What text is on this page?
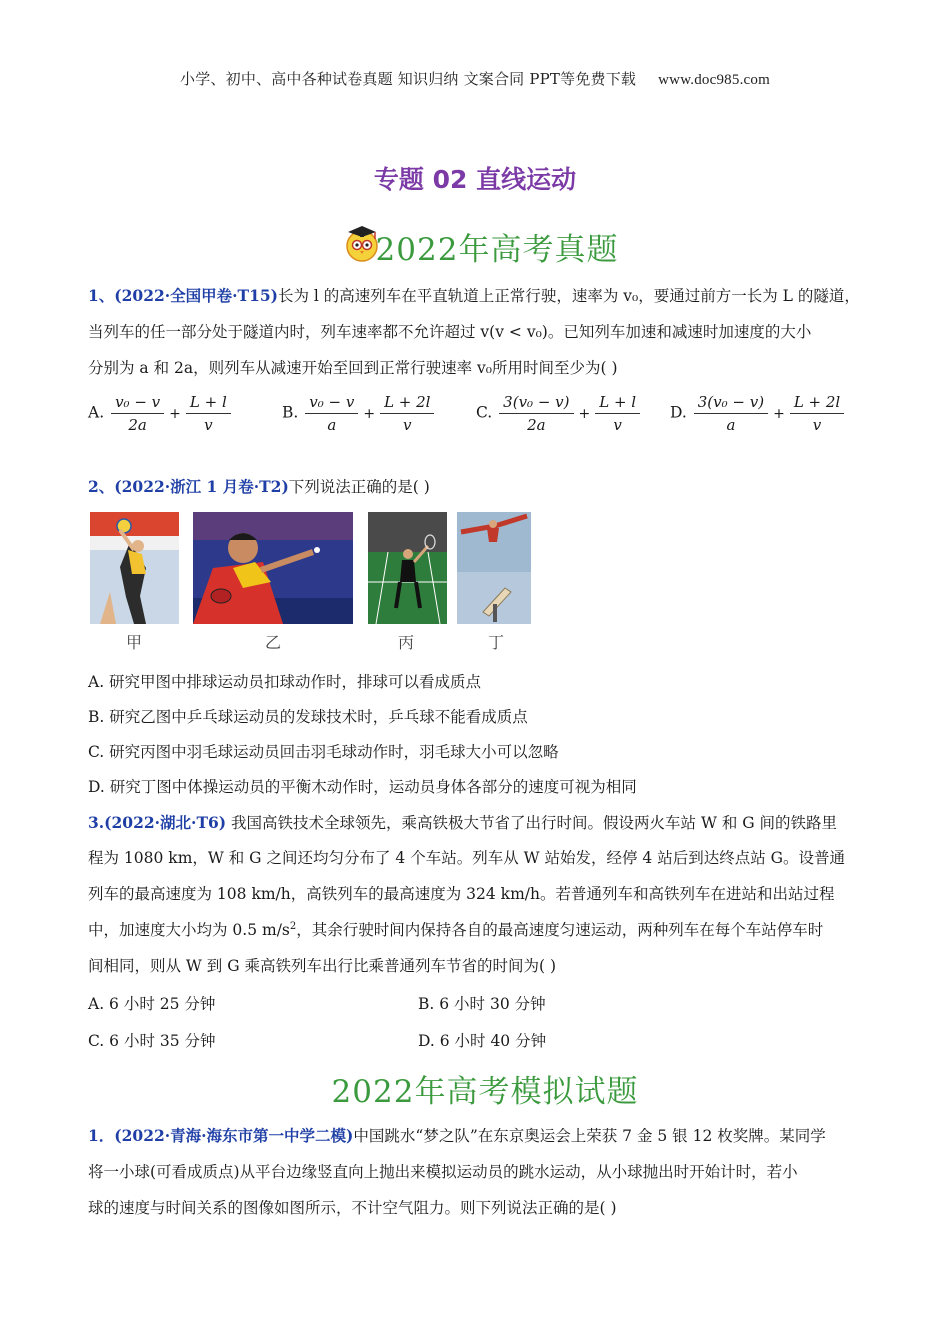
小学、初中、高中各种试卷真题 知识归纳 文案合同 PPT等免费下载 www.doc985.com
专题 02 直线运动
2022年高考真题
1、(2022·全国甲卷·T15)长为 l 的高速列车在平直轨道上正常行驶，速率为 v₀，要通过前方一长为 L 的隧道，
当列车的任一部分处于隧道内时，列车速率都不允许超过 v(v < v₀)。已知列车加速和减速时加速度的大小
分别为 a 和 2a，则列车从减速开始至回到正常行驶速率 v₀所用时间至少为( )
A. $\frac{\text{v₀ − v}}{2a} + \frac{L + l}{v}$	B. $\frac{\text{v₀ − v}}{a} + \frac{L + 2l}{v}$	C. $\frac{\text{3(v₀ − v)}}{2a} + \frac{L + l}{v} D$. $\frac{\text{3(v₀ − v)}}{a} + \frac{L + 2l}{v}$
2、(2022·浙江 1 月卷·T2)下列说法正确的是( )
甲	乙	丙	丁
A. 研究甲图中排球运动员扣球动作时，排球可以看成质点
B. 研究乙图中乒乓球运动员的发球技术时，乒乓球不能看成质点
C. 研究丙图中羽毛球运动员回击羽毛球动作时，羽毛球大小可以忽略
D. 研究丁图中体操运动员的平衡木动作时，运动员身体各部分的速度可视为相同
3.(2022·湖北·T6) 我国高铁技术全球领先，乘高铁极大节省了出行时间。假设两火车站 W 和 G 间的铁路里
程为 1080 km，W 和 G 之间还均匀分布了 4 个车站。列车从 W 站始发，经停 4 站后到达终点站 G。设普通
列车的最高速度为 108 km/h，高铁列车的最高速度为 324 km/h。若普通列车和高铁列车在进站和出站过程
中，加速度大小均为 0.5 $m/s^2$，其余行驶时间内保持各自的最高速度匀速运动，两种列车在每个车站停车时
间相同，则从 W 到 G 乘高铁列车出行比乘普通列车节省的时间为( )
A. 6 小时 25 分钟	B. 6 小时 30 分钟
C. 6 小时 35 分钟	D. 6 小时 40 分钟
2022年高考模拟试题
1．(2022·青海·海东市第一中学二模)中国跳水“梦之队”在东京奥运会上荣获 7 金 5 银 12 枚奖牌。某同学
将一小球(可看成质点)从平台边缘竖直向上抛出来模拟运动员的跳水运动，从小球抛出时开始计时，若小
球的速度与时间关系的图像如图所示，不计空气阻力。则下列说法正确的是( )
